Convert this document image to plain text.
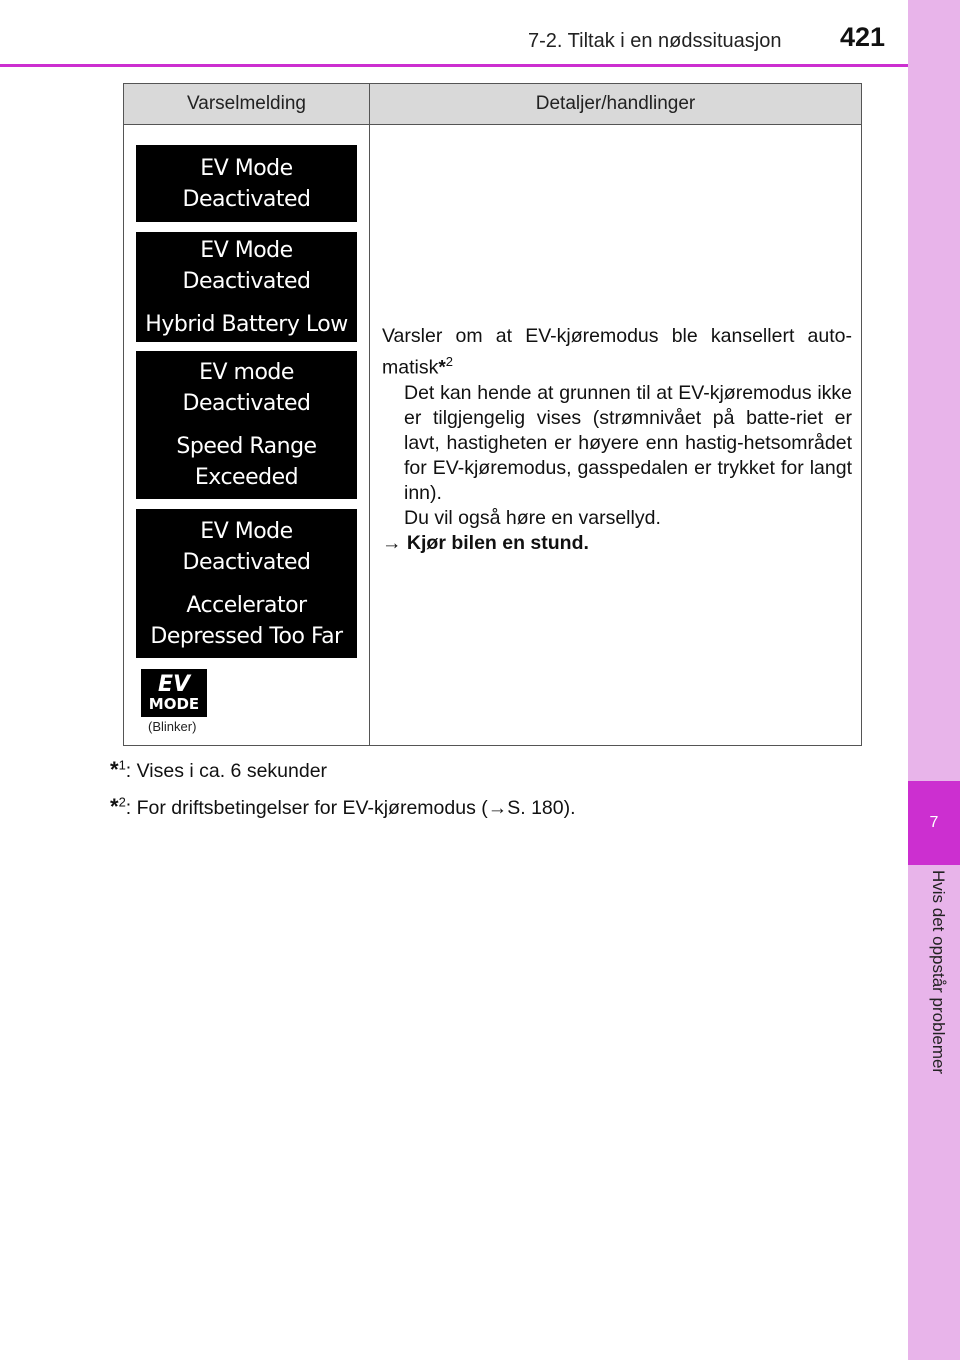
7-2. Tiltak i en nødssituasjon 421
7
Hvis det oppstår problemer
Varselmelding	Detaljer/handlinger
EV Mode
Deactivated
EV Mode
Deactivated
Hybrid Battery Low
EV mode
Deactivated
Speed Range
Exceeded
EV Mode
Deactivated
Accelerator
Depressed Too Far
EV
MODE
(Blinker)

Varsler om at EV-kjøremodus ble kansellert auto-matisk*$^2$

Det kan hende at grunnen til at EV-kjøremodus ikke er tilgjengelig vises (strømnivået på batte-riet er lavt, hastigheten er høyere enn hastig-hetsområdet for EV-kjøremodus, gasspedalen er trykket for langt inn).

Du vil også høre en varsellyd.

→ Kjør bilen en stund.

*$^1$: Vises i ca. 6 sekunder
*$^2$: For driftsbetingelser for EV-kjøremodus (→S. 180).
